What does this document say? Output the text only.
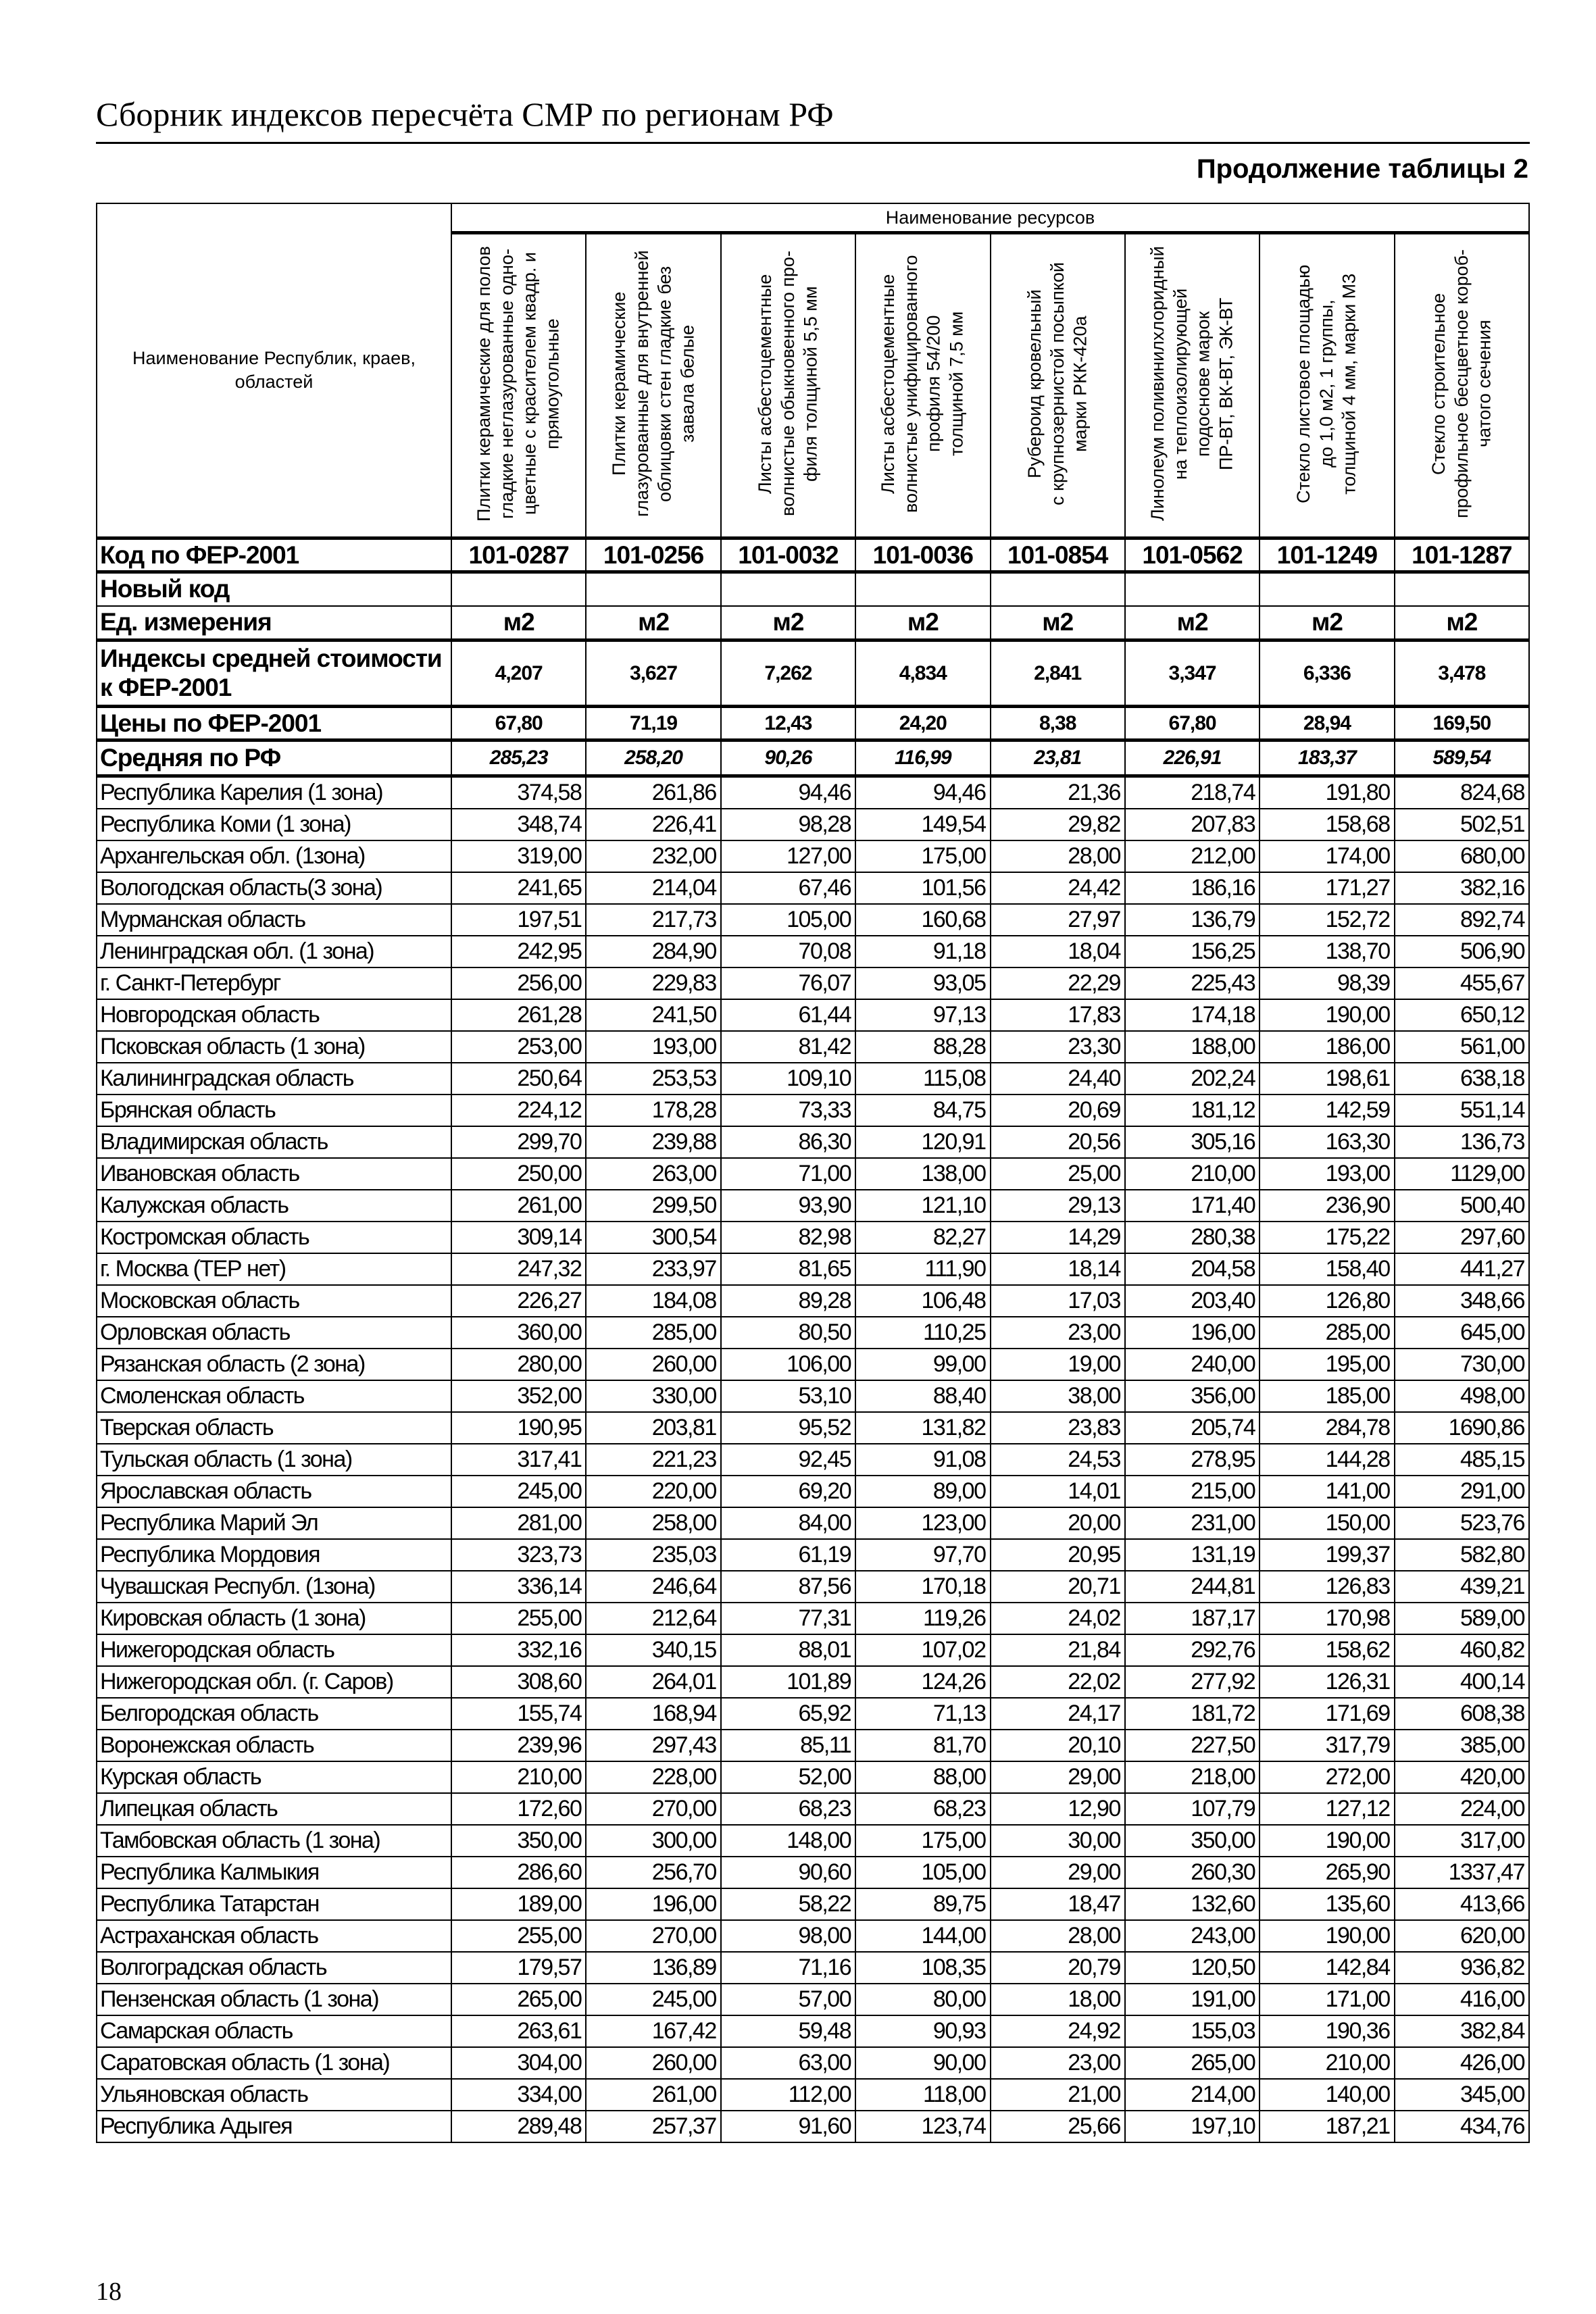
Сборник индексов пересчёта СМР по регионам РФ
Продолжение таблицы 2
Наименование Республик, краев, областей	Наименование ресурсов							

	Плитки керамические для полов гладкие неглазурованные одно- цветные с красителем квадр. и прямоугольные	Плитки керамические глазурованные для внутренней облицовки стен гладкие без завала белые	Листы асбестоцементные волнистые обыкновенного про- филя толщиной 5,5 мм	Листы асбестоцементные волнистые унифицированного профиля 54/200 толщиной 7,5 мм	Рубероид кровельный с крупнозернистой посыпкой марки РКК-420а	Линолеум поливинилхлоридный на теплоизолирующей подоснове марок ПР-ВТ, ВК-ВТ, ЭК-ВТ	Стекло листовое площадью до 1,0 м2, 1 группы, толщиной 4 мм, марки М3	Стекло строительное профильное бесцветное короб- чатого сечения

Код по ФЕР-2001	101-0287	101-0256	101-0032	101-0036	101-0854	101-0562	101-1249	101-1287
Новый код								
Ед. измерения	м2	м2	м2	м2	м2	м2	м2	м2
Индексы средней стоимости к ФЕР-2001	4,207	3,627	7,262	4,834	2,841	3,347	6,336	3,478
Цены по ФЕР-2001	67,80	71,19	12,43	24,20	8,38	67,80	28,94	169,50
Средняя по РФ	285,23	258,20	90,26	116,99	23,81	226,91	183,37	589,54
Республика Карелия (1 зона)	374,58	261,86	94,46	94,46	21,36	218,74	191,80	824,68
Республика Коми (1 зона)	348,74	226,41	98,28	149,54	29,82	207,83	158,68	502,51
Архангельская обл. (1зона)	319,00	232,00	127,00	175,00	28,00	212,00	174,00	680,00
Вологодская область(3 зона)	241,65	214,04	67,46	101,56	24,42	186,16	171,27	382,16
Мурманская область	197,51	217,73	105,00	160,68	27,97	136,79	152,72	892,74
Ленинградская обл. (1 зона)	242,95	284,90	70,08	91,18	18,04	156,25	138,70	506,90
г. Санкт-Петербург	256,00	229,83	76,07	93,05	22,29	225,43	98,39	455,67
Новгородская область	261,28	241,50	61,44	97,13	17,83	174,18	190,00	650,12
Псковская область (1 зона)	253,00	193,00	81,42	88,28	23,30	188,00	186,00	561,00
Калининградская область	250,64	253,53	109,10	115,08	24,40	202,24	198,61	638,18
Брянская область	224,12	178,28	73,33	84,75	20,69	181,12	142,59	551,14
Владимирская область	299,70	239,88	86,30	120,91	20,56	305,16	163,30	136,73
Ивановская область	250,00	263,00	71,00	138,00	25,00	210,00	193,00	1129,00
Калужская область	261,00	299,50	93,90	121,10	29,13	171,40	236,90	500,40
Костромская область	309,14	300,54	82,98	82,27	14,29	280,38	175,22	297,60
г. Москва (ТЕР нет)	247,32	233,97	81,65	111,90	18,14	204,58	158,40	441,27
Московская область	226,27	184,08	89,28	106,48	17,03	203,40	126,80	348,66
Орловская область	360,00	285,00	80,50	110,25	23,00	196,00	285,00	645,00
Рязанская область (2 зона)	280,00	260,00	106,00	99,00	19,00	240,00	195,00	730,00
Смоленская область	352,00	330,00	53,10	88,40	38,00	356,00	185,00	498,00
Тверская область	190,95	203,81	95,52	131,82	23,83	205,74	284,78	1690,86
Тульская область (1 зона)	317,41	221,23	92,45	91,08	24,53	278,95	144,28	485,15
Ярославская область	245,00	220,00	69,20	89,00	14,01	215,00	141,00	291,00
Республика Марий Эл	281,00	258,00	84,00	123,00	20,00	231,00	150,00	523,76
Республика Мордовия	323,73	235,03	61,19	97,70	20,95	131,19	199,37	582,80
Чувашская Республ. (1зона)	336,14	246,64	87,56	170,18	20,71	244,81	126,83	439,21
Кировская область (1 зона)	255,00	212,64	77,31	119,26	24,02	187,17	170,98	589,00
Нижегородская область	332,16	340,15	88,01	107,02	21,84	292,76	158,62	460,82
Нижегородская обл. (г. Саров)	308,60	264,01	101,89	124,26	22,02	277,92	126,31	400,14
Белгородская область	155,74	168,94	65,92	71,13	24,17	181,72	171,69	608,38
Воронежская область	239,96	297,43	85,11	81,70	20,10	227,50	317,79	385,00
Курская область	210,00	228,00	52,00	88,00	29,00	218,00	272,00	420,00
Липецкая область	172,60	270,00	68,23	68,23	12,90	107,79	127,12	224,00
Тамбовская область (1 зона)	350,00	300,00	148,00	175,00	30,00	350,00	190,00	317,00
Республика Калмыкия	286,60	256,70	90,60	105,00	29,00	260,30	265,90	1337,47
Республика Татарстан	189,00	196,00	58,22	89,75	18,47	132,60	135,60	413,66
Астраханская область	255,00	270,00	98,00	144,00	28,00	243,00	190,00	620,00
Волгоградская область	179,57	136,89	71,16	108,35	20,79	120,50	142,84	936,82
Пензенская область (1 зона)	265,00	245,00	57,00	80,00	18,00	191,00	171,00	416,00
Самарская область	263,61	167,42	59,48	90,93	24,92	155,03	190,36	382,84
Саратовская область (1 зона)	304,00	260,00	63,00	90,00	23,00	265,00	210,00	426,00
Ульяновская область	334,00	261,00	112,00	118,00	21,00	214,00	140,00	345,00
Республика Адыгея	289,48	257,37	91,60	123,74	25,66	197,10	187,21	434,76
18
